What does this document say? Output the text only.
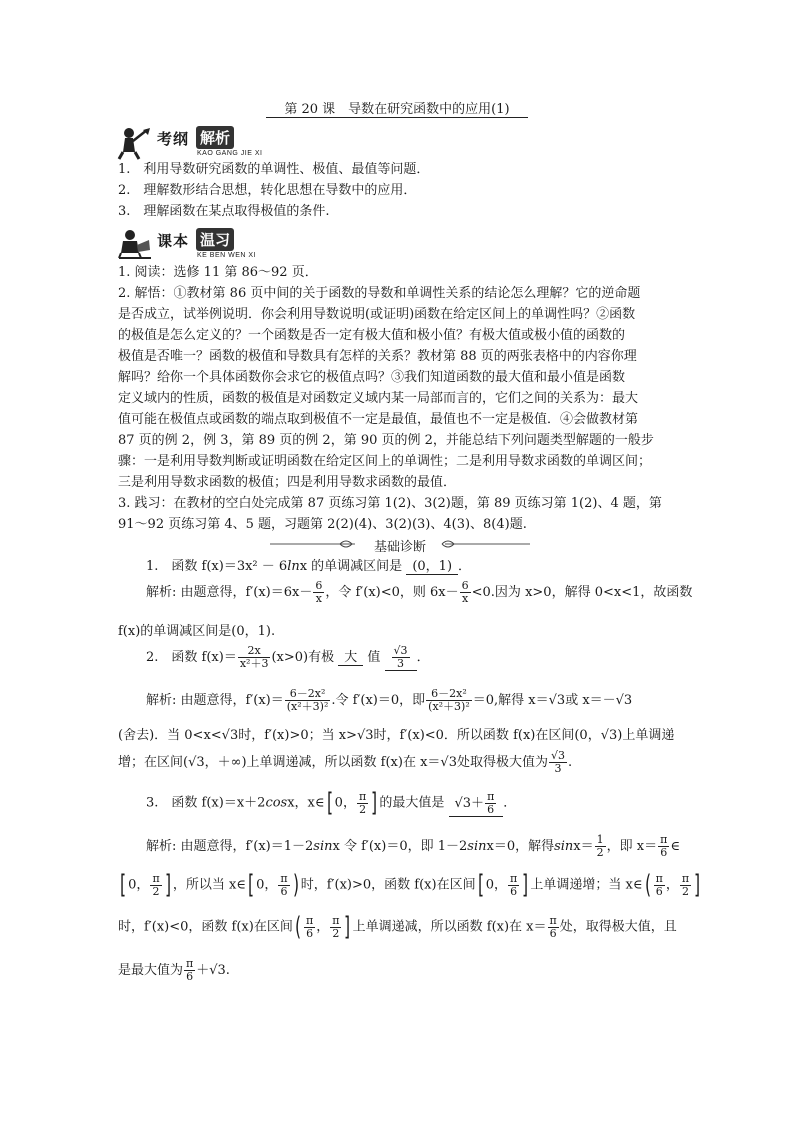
第 20 课　导数在研究函数中的应用(1)
考纲 解析
KAO GANG JIE XI
1.　利用导数研究函数的单调性、极值、最值等问题．
2.　理解数形结合思想，转化思想在导数中的应用．
3.　理解函数在某点取得极值的条件.
课本 温习
KE BEN WEN XI
1. 阅读：选修 11 第 86～92 页．
2. 解悟：①教材第 86 页中间的关于函数的导数和单调性关系的结论怎么理解？它的逆命题
是否成立，试举例说明．你会利用导数说明(或证明)函数在给定区间上的单调性吗？②函数
的极值是怎么定义的？一个函数是否一定有极大值和极小值？有极大值或极小值的函数的
极值是否唯一？函数的极值和导数具有怎样的关系？教材第 88 页的两张表格中的内容你理
解吗？给你一个具体函数你会求它的极值点吗？③我们知道函数的最大值和最小值是函数
定义域内的性质，函数的极值是对函数定义域内某一局部而言的，它们之间的关系为：最大
值可能在极值点或函数的端点取到极值不一定是最值，最值也不一定是极值．④会做教材第
87 页的例 2，例 3，第 89 页的例 2，第 90 页的例 2，并能总结下列问题类型解题的一般步
骤：一是利用导数判断或证明函数在给定区间上的单调性；二是利用导数求函数的单调区间；
三是利用导数求函数的极值；四是利用导数求函数的最值．
3. 践习：在教材的空白处完成第 87 页练习第 1(2)、3(2)题，第 89 页练习第 1(2)、4 题，第
91～92 页练习第 4、5 题，习题第 2(2)(4)、3(2)(3)、4(3)、8(4)题.
基础诊断
1.　函数 f(x)＝3x² － 6lnx 的单调减区间是 (0，1) ．
解析: 由题意得，$f'(x)=6x- \frac{6}{x}$ ，令 f′(x)<0，则 $6x- \frac{6}{x} <0$.因为 x>0，解得 0<x<1，故函数
f(x)的单调减区间是(0，1).
2.　函数 $f(x)= \frac{2x}{\text{x²＋3}} (x>0)$有极 大 值 $\frac{√3}{3}$ ．
解析: 由题意得，$f'(x)= \frac{\text{6－2x²}}{\text{(x²＋3)²}}$ .令 f′(x)＝0，即 $\frac{\text{6－2x²}}{\text{(x²＋3)²}} =0$,解得 x＝√3或 x＝－√3
(舍去)．当 0<x<√3时，f′(x)>0；当 x>√3时，f′(x)<0．所以函数 f(x)在区间(0，√3)上单调递
增；在区间(√3，＋∞)上单调递减，所以函数 f(x)在 x＝√3处取得极大值为 $\frac{√3}{3}$ .
3.　函数 f(x)＝x＋2cosx，x∈[ 0， $\frac{\pi}{2}$ ] 的最大值是 $√3+ \frac{\pi}{6}$ ．
解析: 由题意得，f′(x)＝1－2sinx 令 f′(x)＝0，即 1－2sinx＝0，解得$\sin x= \frac{1}{2}$ ，即 $x= \frac{\pi}{6}$ ∈
[ 0， $\frac{\pi}{2}$ ] ，所以当 x∈[ 0， $\frac{\pi}{6}$ ) 时，f′(x)>0，函数 f(x)在区间[ 0， $\frac{\pi}{6}$ ] 上单调递增；当 x∈( $\frac{\pi}{6}$ ， $\frac{\pi}{2}$ ]
时，f′(x)<0，函数 f(x)在区间( $\frac{\pi}{6}$ ， $\frac{\pi}{2}$ ] 上单调递减，所以函数 f(x)在 $x= \frac{\pi}{6}$ 处，取得极大值，且
是最大值为 $\frac{\pi}{6} +√3$.
